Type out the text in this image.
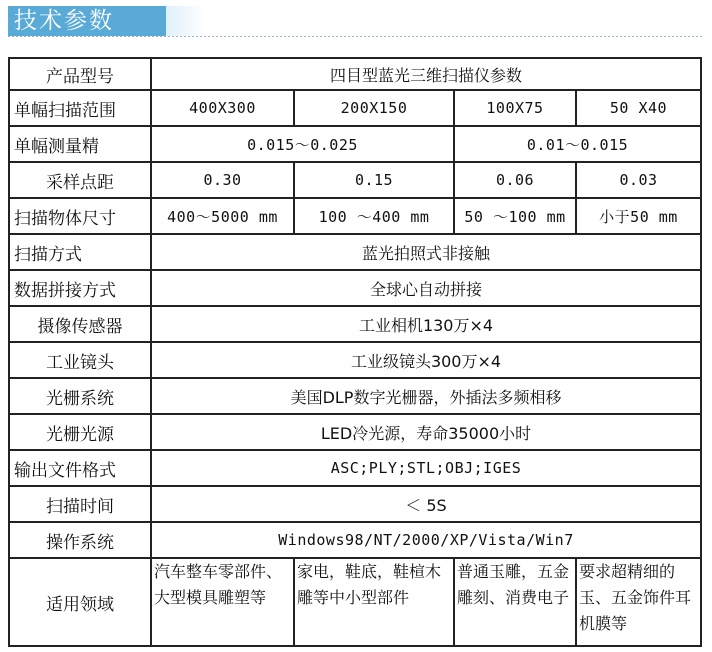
技术参数
产品型号	四目型蓝光三维扫描仪参数			
单幅扫描范围	400X300	200X150	100X75	50 X40
单幅测量精	0.015～0.025		0.01～0.015	
采样点距	0.30	0.15	0.06	0.03
扫描物体尺寸	400～5000 mm	100 ～400 mm	50 ～100 mm	小于50 mm
扫描方式	蓝光拍照式非接触			
数据拼接方式	全球心自动拼接			
摄像传感器	工业相机130万×4			
工业镜头	工业级镜头300万×4			
光栅系统	美国DLP数字光栅器，外插法多频相移			
光栅光源	LED冷光源，寿命35000小时			
输出文件格式	ASC;PLY;STL;OBJ;IGES			
扫描时间	＜ 5S			
操作系统	Windows98/NT/2000/XP/Vista/Win7			
适用领域	汽车整车零部件、大型模具雕塑等	家电，鞋底，鞋楦木雕等中小型部件	普通玉雕，五金雕刻、消费电子	要求超精细的玉、五金饰件耳机膜等
